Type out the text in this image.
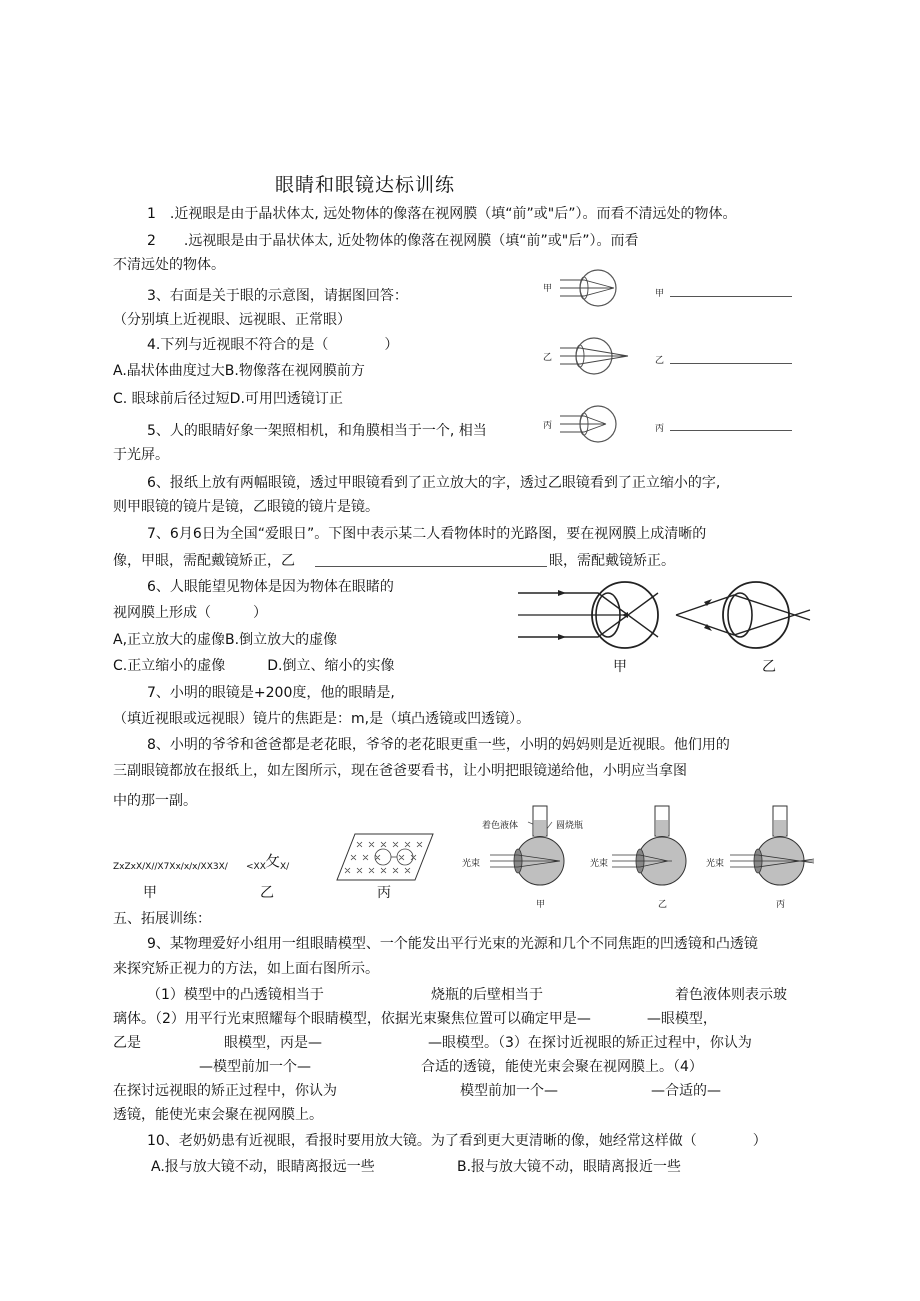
眼睛和眼镜达标训练
1　.近视眼是由于晶状体太, 远处物体的像落在视网膜（填“前”或"后”）。而看不清远处的物体。
2　　.远视眼是由于晶状体太, 近处物体的像落在视网膜（填“前”或"后”）。而看
不清远处的物体。
3、右面是关于眼的示意图，请据图回答：
（分别填上近视眼、远视眼、正常眼）
4.下列与近视眼不符合的是（　　　　）
A.晶状体曲度过大B.物像落在视网膜前方
C. 眼球前后径过短D.可用凹透镜订正
5、人的眼睛好象一架照相机，和角膜相当于一个, 相当
于光屏。
6、报纸上放有两幅眼镜，透过甲眼镜看到了正立放大的字，透过乙眼镜看到了正立缩小的字,
则甲眼镜的镜片是镜，乙眼镜的镜片是镜。
7、6月6日为全国“爱眼日”。下图中表示某二人看物体时的光路图，要在视网膜上成清晰的
像，甲眼，需配戴镜矫正，乙	眼，需配戴镜矫正。
6、人眼能望见物体是因为物体在眼睹的
视网膜上形成（　　　）
A,正立放大的虚像B.倒立放大的虚像
C.正立缩小的虚像　　　D.倒立、缩小的实像
7、小明的眼镜是+200度，他的眼睛是,
（填近视眼或远视眼）镜片的焦距是：m,是（填凸透镜或凹透镜）。
8、小明的爷爷和爸爸都是老花眼，爷爷的老花眼更重一些，小明的妈妈则是近视眼。他们用的
三副眼镜都放在报纸上，如左图所示，现在爸爸要看书，让小明把眼镜递给他，小明应当拿图
中的那一副。
ZxZxX/X//X7Xx/x/x/XX3X/ <XX 攵 X/
甲	乙	丙
五、拓展训练：
9、某物理爱好小组用一组眼睛模型、一个能发出平行光束的光源和几个不同焦距的凹透镜和凸透镜
来探究矫正视力的方法，如上面右图所示。
（1）模型中的凸透镜相当于	烧瓶的后壁相当于	着色液体则表示玻
璃体。（2）用平行光束照耀每个眼睛模型，依据光束聚焦位置可以确定甲是—　　　　—眼模型，
乙是	眼模型，丙是—	—眼模型。（3）在探讨近视眼的矫正过程中，你认为
—模型前加一个—	合适的透镜，能使光束会聚在视网膜上。（4）
在探讨远视眼的矫正过程中，你认为	模型前加一个—	—合适的—
透镜，能使光束会聚在视网膜上。
10、老奶奶患有近视眼，看报时要用放大镜。为了看到更大更清晰的像，她经常这样做（　　　　）
A.报与放大镜不动，眼睛离报远一些	B.报与放大镜不动，眼睛离报近一些
甲
乙
丙
甲
乙
丙
甲	乙
着色液体	圆烧瓶
光束	光束	光束
甲	乙	丙
